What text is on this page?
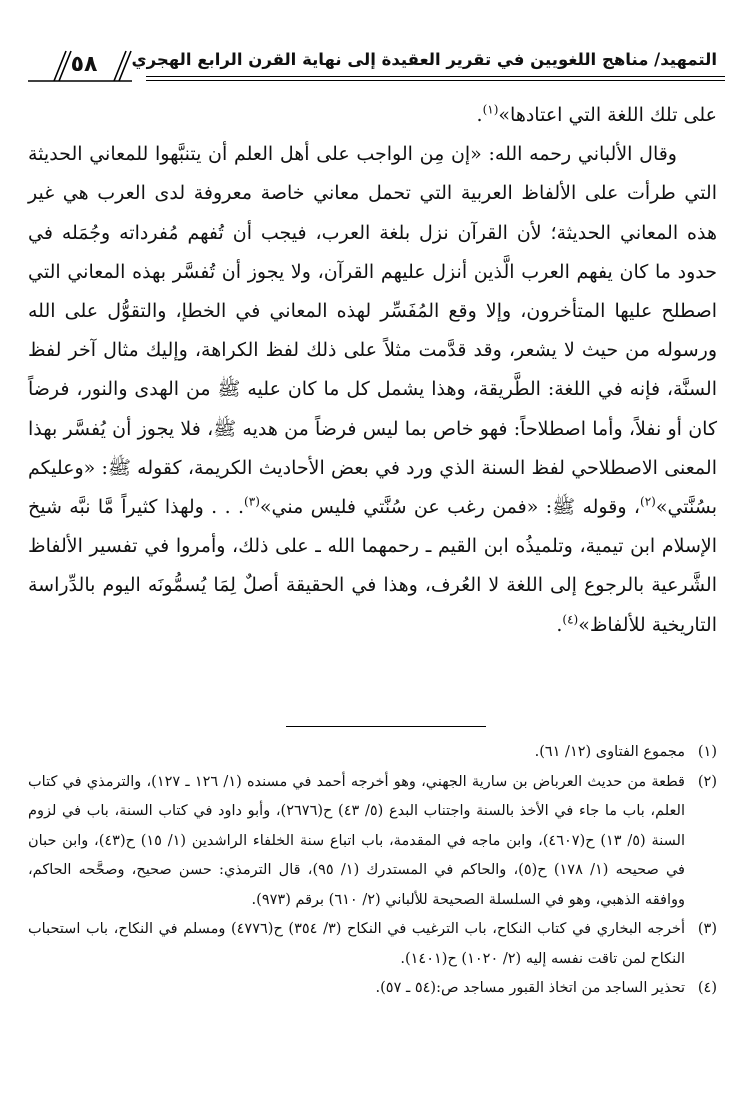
التمهيد/ مناهج اللغويين في تقرير العقيدة إلى نهاية القرن الرابع الهجري
٥٨

على تلك اللغة التي اعتادها»$^{(١)}$.

وقال الألباني رحمه الله: «إن مِن الواجب على أهل العلم أن يتنبَّهوا للمعاني الحديثة التي طرأت على الألفاظ العربية التي تحمل معاني خاصة معروفة لدى العرب هي غير هذه المعاني الحديثة؛ لأن القرآن نزل بلغة العرب، فيجب أن تُفهم مُفرداته وجُمَله في حدود ما كان يفهم العرب الَّذين أنزل عليهم القرآن، ولا يجوز أن تُفسَّر بهذه المعاني التي اصطلح عليها المتأخرون، وإلا وقع المُفَسِّر لهذه المعاني في الخطإ، والتقوُّل على الله ورسوله من حيث لا يشعر، وقد قدَّمت مثلاً على ذلك لفظ الكراهة، وإليك مثال آخر لفظ السنَّة، فإنه في اللغة: الطَّريقة، وهذا يشمل كل ما كان عليه ﷺ من الهدى والنور، فرضاً كان أو نفلاً، وأما اصطلاحاً: فهو خاص بما ليس فرضاً من هديه ﷺ، فلا يجوز أن يُفسَّر بهذا المعنى الاصطلاحي لفظ السنة الذي ورد في بعض الأحاديث الكريمة، كقوله ﷺ: «وعليكم بسُنَّتي»$^{(٢)}$، وقوله ﷺ: «فمن رغب عن سُنَّتي فليس مني»$^{(٣)}$. . . ولهذا كثيراً مَّا نبَّه شيخ الإسلام ابن تيمية، وتلميذُه ابن القيم ـ رحمهما الله ـ على ذلك، وأمروا في تفسير الألفاظ الشَّرعية بالرجوع إلى اللغة لا العُرف، وهذا في الحقيقة أصلٌ لِمَا يُسمُّونَه اليوم بالدِّراسة التاريخية للألفاظ»$^{(٤)}$.

(١)
مجموع الفتاوى (١٢/ ٦١).
(٢)
قطعة من حديث العرباض بن سارية الجهني، وهو أخرجه أحمد في مسنده (١/ ١٢٦ ـ ١٢٧)، والترمذي في كتاب العلم، باب ما جاء في الأخذ بالسنة واجتناب البدع (٥/ ٤٣) ح(٢٦٧٦)، وأبو داود في كتاب السنة، باب في لزوم السنة (٥/ ١٣) ح(٤٦٠٧)، وابن ماجه في المقدمة، باب اتباع سنة الخلفاء الراشدين (١/ ١٥) ح(٤٣)، وابن حبان في صحيحه (١/ ١٧٨) ح(٥)، والحاكم في المستدرك (١/ ٩٥)، قال الترمذي: حسن صحيح، وصحَّحه الحاكم، ووافقه الذهبي، وهو في السلسلة الصحيحة للألباني (٢/ ٦١٠) برقم (٩٧٣).
(٣)
أخرجه البخاري في كتاب النكاح، باب الترغيب في النكاح (٣/ ٣٥٤) ح(٤٧٧٦) ومسلم في النكاح، باب استحباب النكاح لمن تاقت نفسه إليه (٢/ ١٠٢٠) ح(١٤٠١).
(٤)
تحذير الساجد من اتخاذ القبور مساجد ص:(٥٤ ـ ٥٧).
